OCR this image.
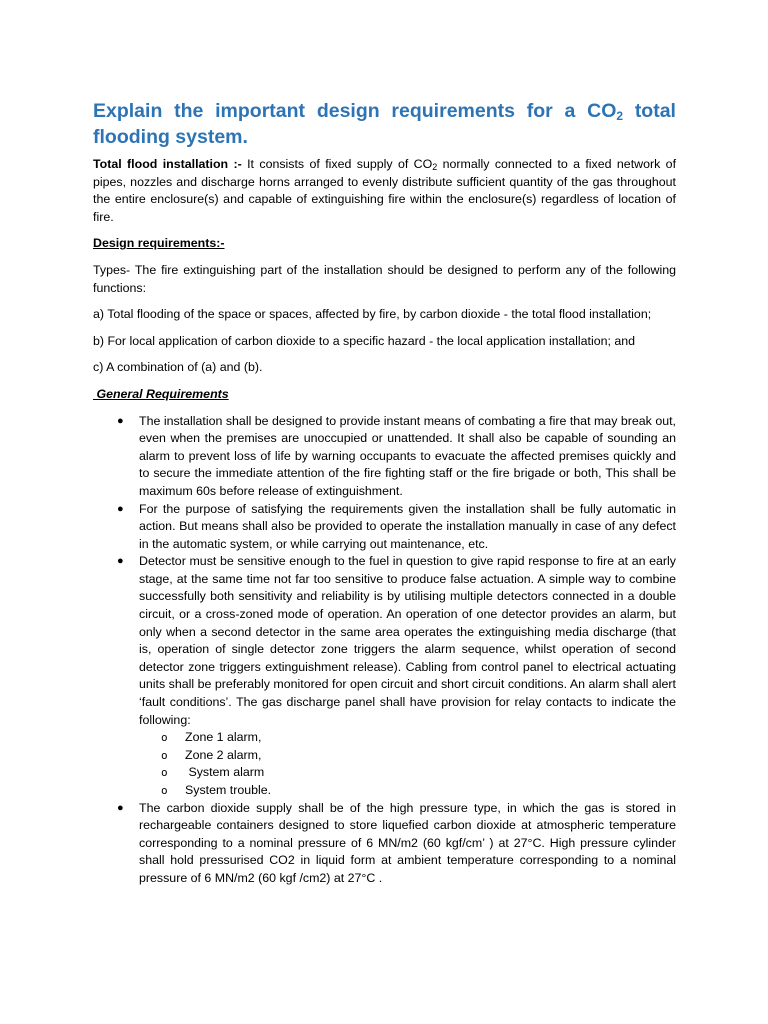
Explain the important design requirements for a $CO_2$ total flooding system.

Total flood installation :- It consists of fixed supply of $CO_2$ normally connected to a fixed network of pipes, nozzles and discharge horns arranged to evenly distribute sufficient quantity of the gas throughout the entire enclosure(s) and capable of extinguishing fire within the enclosure(s) regardless of location of fire.

Design requirements:-

Types- The fire extinguishing part of the installation should be designed to perform any of the following functions:

a) Total flooding of the space or spaces, affected by fire, by carbon dioxide - the total flood installation;

b) For local application of carbon dioxide to a specific hazard - the local application installation; and

c) A combination of (a) and (b).

General Requirements

● The installation shall be designed to provide instant means of combating a fire that may break out, even when the premises are unoccupied or unattended. It shall also be capable of sounding an alarm to prevent loss of life by warning occupants to evacuate the affected premises quickly and to secure the immediate attention of the fire fighting staff or the fire brigade or both, This shall be maximum 60s before release of extinguishment.
● For the purpose of satisfying the requirements given the installation shall be fully automatic in action. But means shall also be provided to operate the installation manually in case of any defect in the automatic system, or while carrying out maintenance, etc.
● Detector must be sensitive enough to the fuel in question to give rapid response to fire at an early stage, at the same time not far too sensitive to produce false actuation. A simple way to combine successfully both sensitivity and reliability is by utilising multiple detectors connected in a double circuit, or a cross-zoned mode of operation. An operation of one detector provides an alarm, but only when a second detector in the same area operates the extinguishing media discharge (that is, operation of single detector zone triggers the alarm sequence, whilst operation of second detector zone triggers extinguishment release). Cabling from control panel to electrical actuating units shall be preferably monitored for open circuit and short circuit conditions. An alarm shall alert ‘fault conditions’. The gas discharge panel shall have provision for relay contacts to indicate the following:
o Zone 1 alarm,
o Zone 2 alarm,
o System alarm
o System trouble.
● The carbon dioxide supply shall be of the high pressure type, in which the gas is stored in rechargeable containers designed to store liquefied carbon dioxide at atmospheric temperature corresponding to a nominal pressure of 6 MN/m2 (60 kgf/cm’ ) at 27°C. High pressure cylinder shall hold pressurised CO2 in liquid form at ambient temperature corresponding to a nominal pressure of 6 MN/m2 (60 kgf /cm2) at 27°C .
